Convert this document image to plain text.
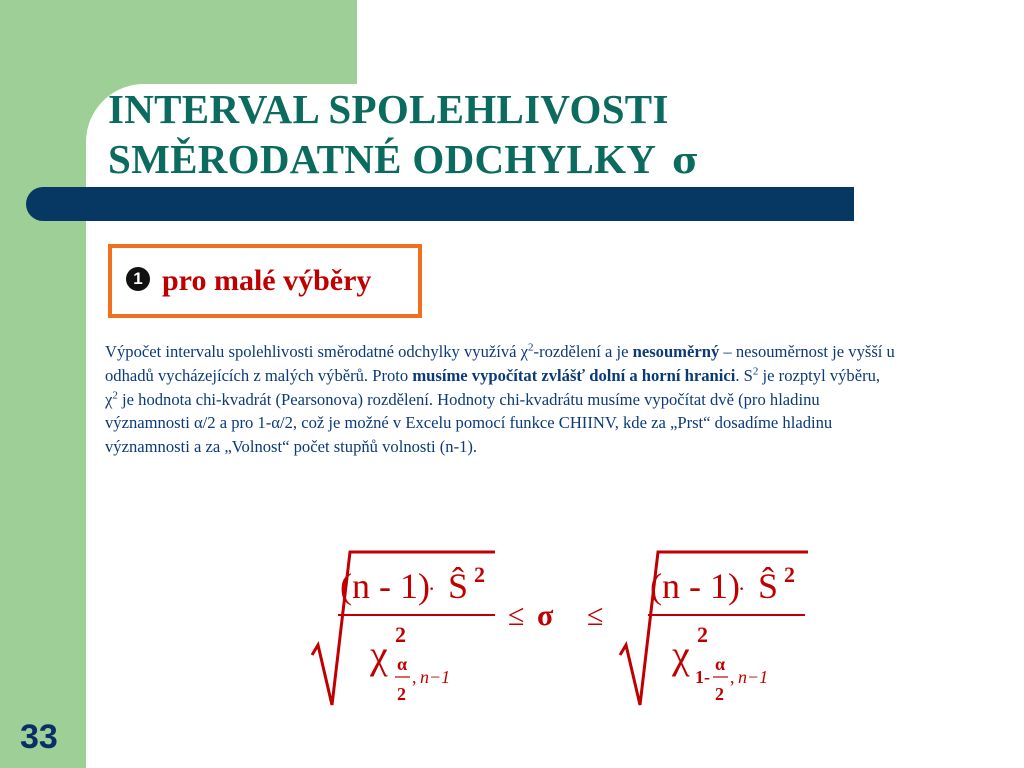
INTERVAL SPOLEHLIVOSTI
SMĚRODATNÉ ODCHYLKY σ
1 pro malé výběry
Výpočet intervalu spolehlivosti směrodatné odchylky využívá $\chi^2$-rozdělení a je nesouměrný – nesouměrnost je vyšší u odhadů vycházejících z malých výběrů. Proto musíme vypočítat zvlášť dolní a horní hranici. $S^2$ je rozptyl výběru, $\chi^2$ je hodnota chi-kvadrát (Pearsonova) rozdělení. Hodnoty chi-kvadrátu musíme vypočítat dvě (pro hladinu významnosti α/2 a pro 1-α/2, což je možné v Excelu pomocí funkce CHIINV, kde za „Prst“ dosadíme hladinu významnosti a za „Volnost“ počet stupňů volnosti (n-1).
(n - 1)
· Ŝ 2
χ 2
α
2
, n−1
≤ σ ≤
(n - 1)
· Ŝ 2
χ 2
1-
α
2
, n−1
33
